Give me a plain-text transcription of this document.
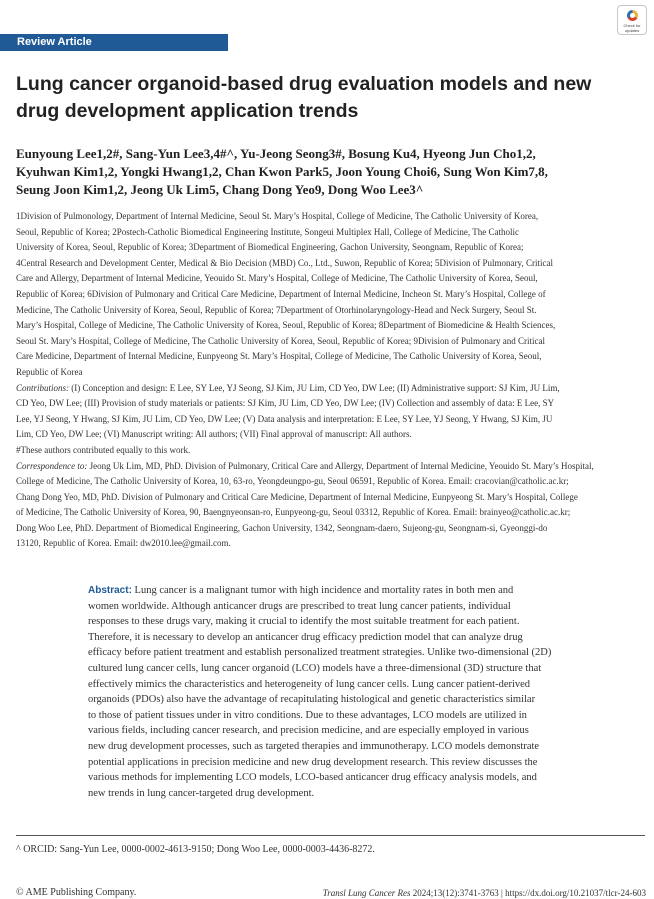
Review Article
Check for updates
Lung cancer organoid-based drug evaluation models and new
drug development application trends
Eunyoung Lee1,2#, Sang-Yun Lee3,4#^, Yu-Jeong Seong3#, Bosung Ku4, Hyeong Jun Cho1,2,
Kyuhwan Kim1,2, Yongki Hwang1,2, Chan Kwon Park5, Joon Young Choi6, Sung Won Kim7,8,
Seung Joon Kim1,2, Jeong Uk Lim5, Chang Dong Yeo9, Dong Woo Lee3^
1Division of Pulmonology, Department of Internal Medicine, Seoul St. Mary’s Hospital, College of Medicine, The Catholic University of Korea,
Seoul, Republic of Korea; 2Postech-Catholic Biomedical Engineering Institute, Songeui Multiplex Hall, College of Medicine, The Catholic
University of Korea, Seoul, Republic of Korea; 3Department of Biomedical Engineering, Gachon University, Seongnam, Republic of Korea;
4Central Research and Development Center, Medical & Bio Decision (MBD) Co., Ltd., Suwon, Republic of Korea; 5Division of Pulmonary, Critical
Care and Allergy, Department of Internal Medicine, Yeouido St. Mary’s Hospital, College of Medicine, The Catholic University of Korea, Seoul,
Republic of Korea; 6Division of Pulmonary and Critical Care Medicine, Department of Internal Medicine, Incheon St. Mary’s Hospital, College of
Medicine, The Catholic University of Korea, Seoul, Republic of Korea; 7Department of Otorhinolaryngology-Head and Neck Surgery, Seoul St.
Mary’s Hospital, College of Medicine, The Catholic University of Korea, Seoul, Republic of Korea; 8Department of Biomedicine & Health Sciences,
Seoul St. Mary’s Hospital, College of Medicine, The Catholic University of Korea, Seoul, Republic of Korea; 9Division of Pulmonary and Critical
Care Medicine, Department of Internal Medicine, Eunpyeong St. Mary’s Hospital, College of Medicine, The Catholic University of Korea, Seoul,
Republic of Korea
Contributions: (I) Conception and design: E Lee, SY Lee, YJ Seong, SJ Kim, JU Lim, CD Yeo, DW Lee; (II) Administrative support: SJ Kim, JU Lim,
CD Yeo, DW Lee; (III) Provision of study materials or patients: SJ Kim, JU Lim, CD Yeo, DW Lee; (IV) Collection and assembly of data: E Lee, SY
Lee, YJ Seong, Y Hwang, SJ Kim, JU Lim, CD Yeo, DW Lee; (V) Data analysis and interpretation: E Lee, SY Lee, YJ Seong, Y Hwang, SJ Kim, JU
Lim, CD Yeo, DW Lee; (VI) Manuscript writing: All authors; (VII) Final approval of manuscript: All authors.
#These authors contributed equally to this work.
Correspondence to: Jeong Uk Lim, MD, PhD. Division of Pulmonary, Critical Care and Allergy, Department of Internal Medicine, Yeouido St. Mary’s Hospital,
College of Medicine, The Catholic University of Korea, 10, 63-ro, Yeongdeungpo-gu, Seoul 06591, Republic of Korea. Email: cracovian@catholic.ac.kr;
Chang Dong Yeo, MD, PhD. Division of Pulmonary and Critical Care Medicine, Department of Internal Medicine, Eunpyeong St. Mary’s Hospital, College
of Medicine, The Catholic University of Korea, 90, Baengnyeonsan-ro, Eunpyeong-gu, Seoul 03312, Republic of Korea. Email: brainyeo@catholic.ac.kr;
Dong Woo Lee, PhD. Department of Biomedical Engineering, Gachon University, 1342, Seongnam-daero, Sujeong-gu, Seongnam-si, Gyeonggi-do
13120, Republic of Korea. Email: dw2010.lee@gmail.com.
Abstract: Lung cancer is a malignant tumor with high incidence and mortality rates in both men and
women worldwide. Although anticancer drugs are prescribed to treat lung cancer patients, individual
responses to these drugs vary, making it crucial to identify the most suitable treatment for each patient.
Therefore, it is necessary to develop an anticancer drug efficacy prediction model that can analyze drug
efficacy before patient treatment and establish personalized treatment strategies. Unlike two-dimensional (2D)
cultured lung cancer cells, lung cancer organoid (LCO) models have a three-dimensional (3D) structure that
effectively mimics the characteristics and heterogeneity of lung cancer cells. Lung cancer patient-derived
organoids (PDOs) also have the advantage of recapitulating histological and genetic characteristics similar
to those of patient tissues under in vitro conditions. Due to these advantages, LCO models are utilized in
various fields, including cancer research, and precision medicine, and are especially employed in various
new drug development processes, such as targeted therapies and immunotherapy. LCO models demonstrate
potential applications in precision medicine and new drug development research. This review discusses the
various methods for implementing LCO models, LCO-based anticancer drug efficacy analysis models, and
new trends in lung cancer-targeted drug development.
^ ORCID: Sang-Yun Lee, 0000-0002-4613-9150; Dong Woo Lee, 0000-0003-4436-8272.
© AME Publishing Company.	Transl Lung Cancer Res 2024;13(12):3741-3763 | https://dx.doi.org/10.21037/tlcr-24-603
